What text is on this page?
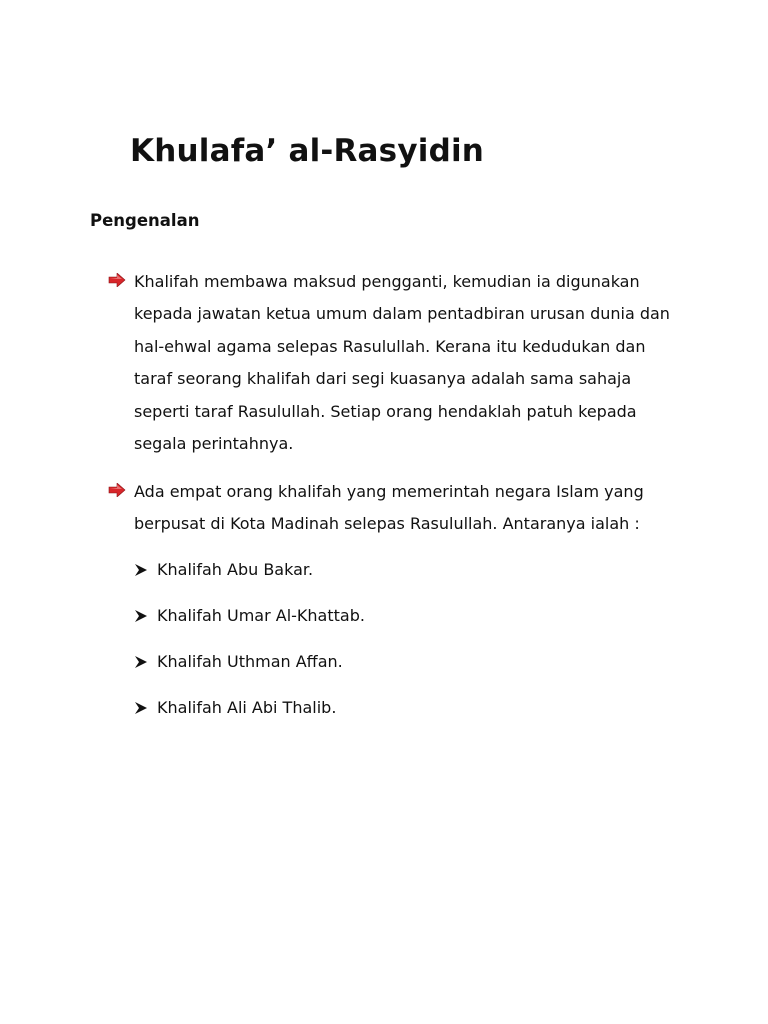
Khulafa’ al-Rasyidin
Pengenalan

Khalifah membawa maksud pengganti, kemudian ia digunakan kepada jawatan ketua umum dalam pentadbiran urusan dunia dan hal-ehwal agama selepas Rasulullah. Kerana itu kedudukan dan taraf seorang khalifah dari segi kuasanya adalah sama sahaja seperti taraf Rasulullah. Setiap orang hendaklah patuh kepada segala perintahnya.

Ada empat orang khalifah yang memerintah negara Islam yang berpusat di Kota Madinah selepas Rasulullah. Antaranya ialah :

Khalifah Abu Bakar.
Khalifah Umar Al-Khattab.
Khalifah Uthman Affan.
Khalifah Ali Abi Thalib.
